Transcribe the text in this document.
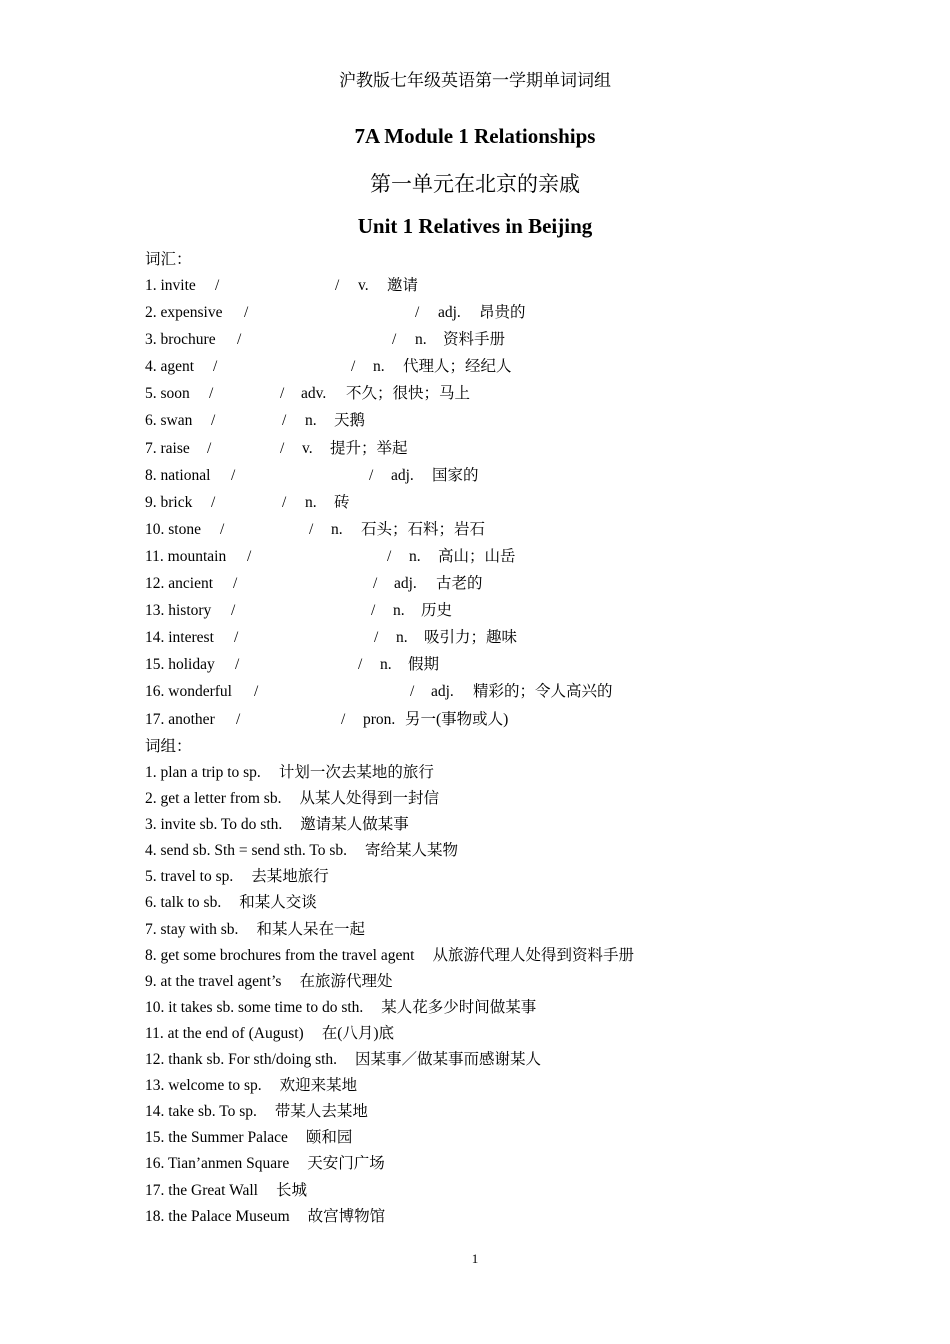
沪教版七年级英语第一学期单词词组
7A Module 1 Relationships
第一单元在北京的亲戚
Unit 1 Relatives in Beijing
词汇：
1. invite /	/ v. 邀请
2. expensive /	/ adj. 昂贵的
3. brochure /	/ n. 资料手册
4. agent /	/ n. 代理人；经纪人
5. soon /	/ adv. 不久；很快；马上
6. swan /	/ n. 天鹅
7. raise /	/ v. 提升；举起
8. national /	/ adj. 国家的
9. brick /	/ n. 砖
10. stone /	/ n. 石头；石料；岩石
11. mountain /	/ n. 高山；山岳
12. ancient /	/ adj. 古老的
13. history /	/ n. 历史
14. interest /	/ n. 吸引力；趣味
15. holiday /	/ n. 假期
16. wonderful /	/ adj. 精彩的；令人高兴的
17. another /	/ pron. 另一(事物或人)
词组：
1. plan a trip to sp. 计划一次去某地的旅行
2. get a letter from sb. 从某人处得到一封信
3. invite sb. To do sth. 邀请某人做某事
4. send sb. Sth = send sth. To sb. 寄给某人某物
5. travel to sp. 去某地旅行
6. talk to sb. 和某人交谈
7. stay with sb. 和某人呆在一起
8. get some brochures from the travel agent 从旅游代理人处得到资料手册
9. at the travel agent’s 在旅游代理处
10. it takes sb. some time to do sth. 某人花多少时间做某事
11. at the end of (August) 在(八月)底
12. thank sb. For sth/doing sth. 因某事／做某事而感谢某人
13. welcome to sp. 欢迎来某地
14. take sb. To sp. 带某人去某地
15. the Summer Palace 颐和园
16. Tian’anmen Square 天安门广场
17. the Great Wall 长城
18. the Palace Museum 故宫博物馆
1
